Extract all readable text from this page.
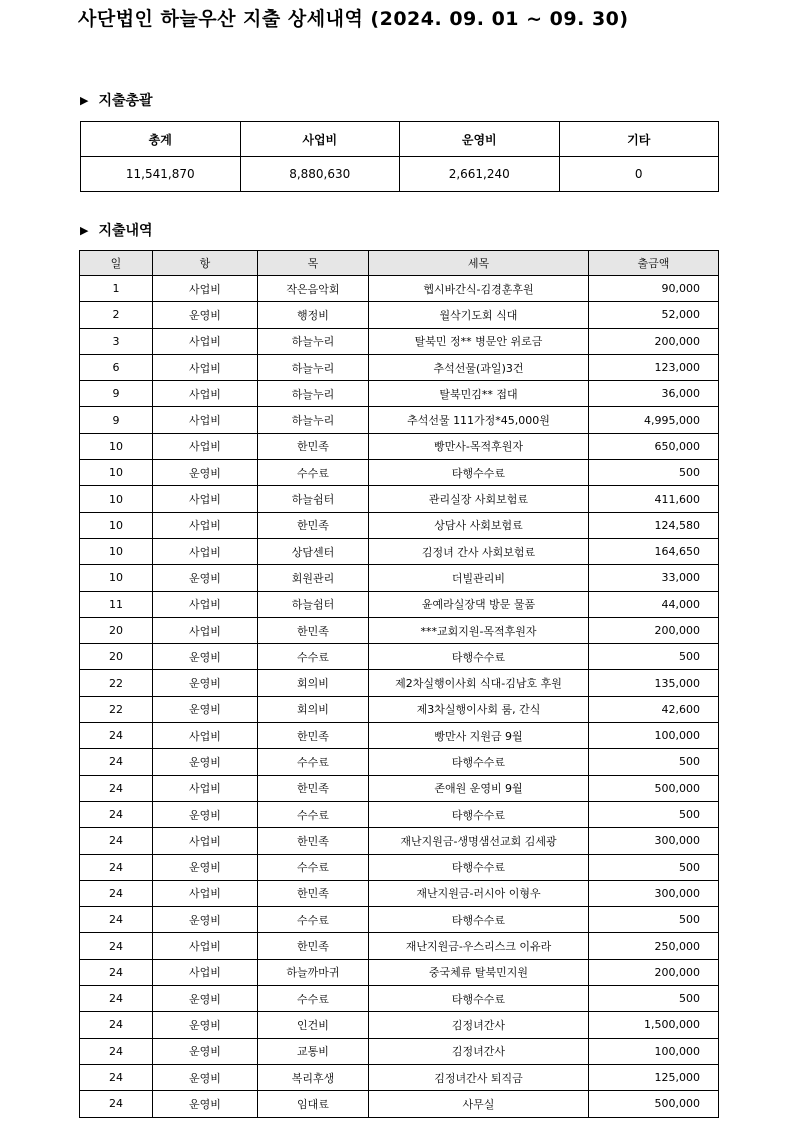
사단법인 하늘우산 지출 상세내역 (2024. 09. 01 ~ 09. 30)
▶ 지출총괄
총계	사업비	운영비	기타
11,541,870	8,880,630	2,661,240	0
▶ 지출내역
일	항	목	세목	출금액
1	사업비	작은음악회	헵시바간식-김경훈후원	90,000
2	운영비	행정비	월삭기도회 식대	52,000
3	사업비	하늘누리	탈북민 정** 병문안 위로금	200,000
6	사업비	하늘누리	추석선물(과일)3건	123,000
9	사업비	하늘누리	탈북민김** 접대	36,000
9	사업비	하늘누리	추석선물 111가정*45,000원	4,995,000
10	사업비	한민족	빵만사-목적후원자	650,000
10	운영비	수수료	타행수수료	500
10	사업비	하늘쉼터	관리실장 사회보험료	411,600
10	사업비	한민족	상담사 사회보험료	124,580
10	사업비	상담센터	김정녀 간사 사회보험료	164,650
10	운영비	회원관리	더빌관리비	33,000
11	사업비	하늘쉼터	윤예라실장댁 방문 물품	44,000
20	사업비	한민족	***교회지원-목적후원자	200,000
20	운영비	수수료	타행수수료	500
22	운영비	회의비	제2차실행이사회 식대-김남호 후원	135,000
22	운영비	회의비	제3차실행이사회 룸, 간식	42,600
24	사업비	한민족	빵만사 지원금 9월	100,000
24	운영비	수수료	타행수수료	500
24	사업비	한민족	존애원 운영비 9월	500,000
24	운영비	수수료	타행수수료	500
24	사업비	한민족	재난지원금-생명샘선교회 김세광	300,000
24	운영비	수수료	타행수수료	500
24	사업비	한민족	재난지원금-러시아 이형우	300,000
24	운영비	수수료	타행수수료	500
24	사업비	한민족	재난지원금-우스리스크 이유라	250,000
24	사업비	하늘까마귀	중국체류 탈북민지원	200,000
24	운영비	수수료	타행수수료	500
24	운영비	인건비	김정녀간사	1,500,000
24	운영비	교통비	김정녀간사	100,000
24	운영비	복리후생	김정녀간사 퇴직금	125,000
24	운영비	임대료	사무실	500,000
